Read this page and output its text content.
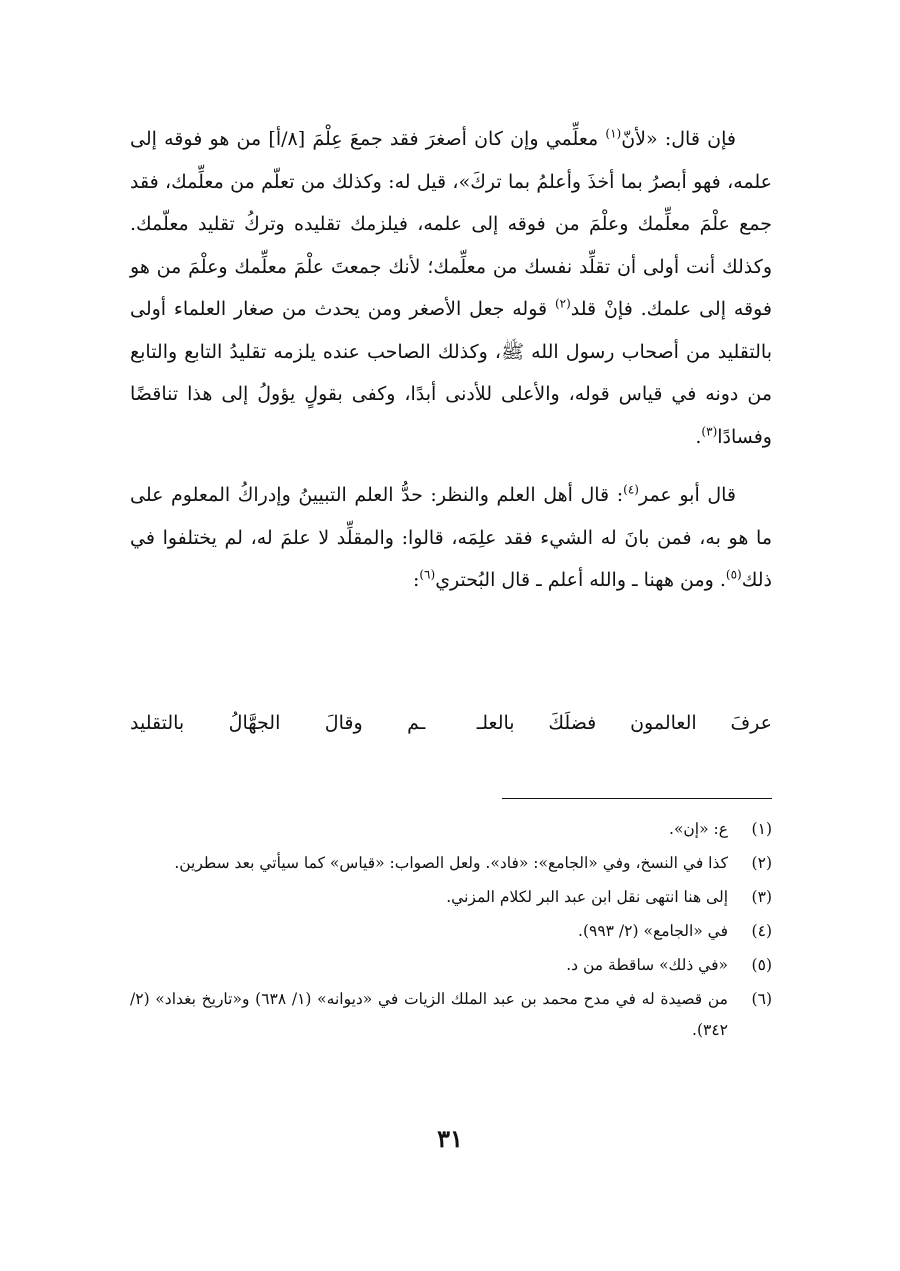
فإن قال: «لأنّ$^{(١)}$ معلِّمي وإن كان أصغرَ فقد جمعَ عِلْمَ [٨/أ] من هو فوقه إلى علمه، فهو أبصرُ بما أخذَ وأعلمُ بما تركَ»، قيل له: وكذلك من تعلّم من معلِّمك، فقد جمع علْمَ معلِّمك وعلْمَ من فوقه إلى علمه، فيلزمك تقليده وتركُ تقليد معلّمك. وكذلك أنت أولى أن تقلِّد نفسك من معلِّمك؛ لأنك جمعتَ علْمَ معلِّمك وعلْمَ من هو فوقه إلى علمك. فإنْ قلد$^{(٢)}$ قوله جعل الأصغر ومن يحدث من صغار العلماء أولى بالتقليد من أصحاب رسول الله ﷺ، وكذلك الصاحب عنده يلزمه تقليدُ التابع والتابع من دونه في قياس قوله، والأعلى للأدنى أبدًا، وكفى بقولٍ يؤولُ إلى هذا تناقضًا وفسادًا$^{(٣)}$.

قال أبو عمر$^{(٤)}$: قال أهل العلم والنظر: حدُّ العلم التبيينُ وإدراكُ المعلوم على ما هو به، فمن بانَ له الشيء فقد علِمَه، قالوا: والمقلِّد لا علمَ له، لم يختلفوا في ذلك$^{(٥)}$. ومن ههنا ـ والله أعلم ـ قال البُحتري$^{(٦)}$:

عرفَ العالمون فضلَكَ بالعلـ
ـم وقالَ الجهَّالُ بالتقليد
(١)
ع: «إن».
(٢)
كذا في النسخ، وفي «الجامع»: «فاد». ولعل الصواب: «قياس» كما سيأتي بعد سطرين.
(٣)
إلى هنا انتهى نقل ابن عبد البر لكلام المزني.
(٤)
في «الجامع» (٢/ ٩٩٣).
(٥)
«في ذلك» ساقطة من د.
(٦)
من قصيدة له في مدح محمد بن عبد الملك الزيات في «ديوانه» (١/ ٦٣٨) و«تاريخ بغداد» (٢/ ٣٤٢).
٣١
